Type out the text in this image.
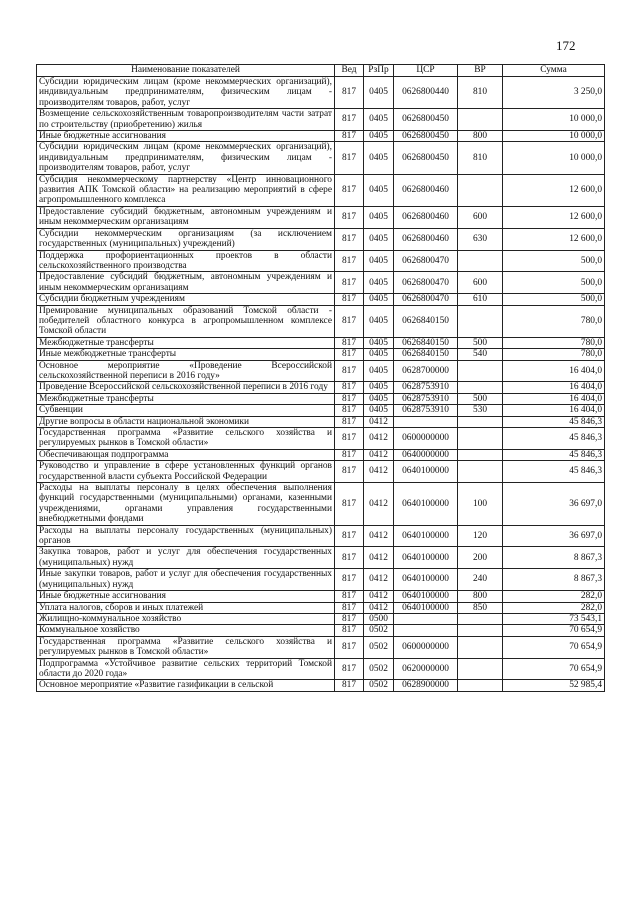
172
Наименование показателей	Вед	РзПр	ЦСР	ВР	Сумма
Субсидии юридическим лицам (кроме некоммерческих организаций), индивидуальным предпринимателям, физическим лицам - производителям товаров, работ, услуг	817	0405	0626800440	810	3 250,0
Возмещение сельскохозяйственным товаропроизводителям части затрат по строительству (приобретению) жилья	817	0405	0626800450		10 000,0
Иные бюджетные ассигнования	817	0405	0626800450	800	10 000,0
Субсидии юридическим лицам (кроме некоммерческих организаций), индивидуальным предпринимателям, физическим лицам - производителям товаров, работ, услуг	817	0405	0626800450	810	10 000,0
Субсидия некоммерческому партнерству «Центр инновационного развития АПК Томской области» на реализацию мероприятий в сфере агропромышленного комплекса	817	0405	0626800460		12 600,0
Предоставление субсидий бюджетным, автономным учреждениям и иным некоммерческим организациям	817	0405	0626800460	600	12 600,0
Субсидии некоммерческим организациям (за исключением государственных (муниципальных) учреждений)	817	0405	0626800460	630	12 600,0
Поддержка профориентационных проектов в области сельскохозяйственного производства	817	0405	0626800470		500,0
Предоставление субсидий бюджетным, автономным учреждениям и иным некоммерческим организациям	817	0405	0626800470	600	500,0
Субсидии бюджетным учреждениям	817	0405	0626800470	610	500,0
Премирование муниципальных образований Томской области - победителей областного конкурса в агропромышленном комплексе Томской области	817	0405	0626840150		780,0
Межбюджетные трансферты	817	0405	0626840150	500	780,0
Иные межбюджетные трансферты	817	0405	0626840150	540	780,0
Основное мероприятие «Проведение Всероссийской сельскохозяйственной переписи в 2016 году»	817	0405	0628700000		16 404,0
Проведение Всероссийской сельскохозяйственной переписи в 2016 году	817	0405	0628753910		16 404,0
Межбюджетные трансферты	817	0405	0628753910	500	16 404,0
Субвенции	817	0405	0628753910	530	16 404,0
Другие вопросы в области национальной экономики	817	0412			45 846,3
Государственная программа «Развитие сельского хозяйства и регулируемых рынков в Томской области»	817	0412	0600000000		45 846,3
Обеспечивающая подпрограмма	817	0412	0640000000		45 846,3
Руководство и управление в сфере установленных функций органов государственной власти субъекта Российской Федерации	817	0412	0640100000		45 846,3
Расходы на выплаты персоналу в целях обеспечения выполнения функций государственными (муниципальными) органами, казенными учреждениями, органами управления государственными внебюджетными фондами	817	0412	0640100000	100	36 697,0
Расходы на выплаты персоналу государственных (муниципальных) органов	817	0412	0640100000	120	36 697,0
Закупка товаров, работ и услуг для обеспечения государственных (муниципальных) нужд	817	0412	0640100000	200	8 867,3
Иные закупки товаров, работ и услуг для обеспечения государственных (муниципальных) нужд	817	0412	0640100000	240	8 867,3
Иные бюджетные ассигнования	817	0412	0640100000	800	282,0
Уплата налогов, сборов и иных платежей	817	0412	0640100000	850	282,0
Жилищно-коммунальное хозяйство	817	0500			73 543,1
Коммунальное хозяйство	817	0502			70 654,9
Государственная программа «Развитие сельского хозяйства и регулируемых рынков в Томской области»	817	0502	0600000000		70 654,9
Подпрограмма «Устойчивое развитие сельских территорий Томской области до 2020 года»	817	0502	0620000000		70 654,9
Основное мероприятие «Развитие газификации в сельской	817	0502	0628900000		52 985,4
